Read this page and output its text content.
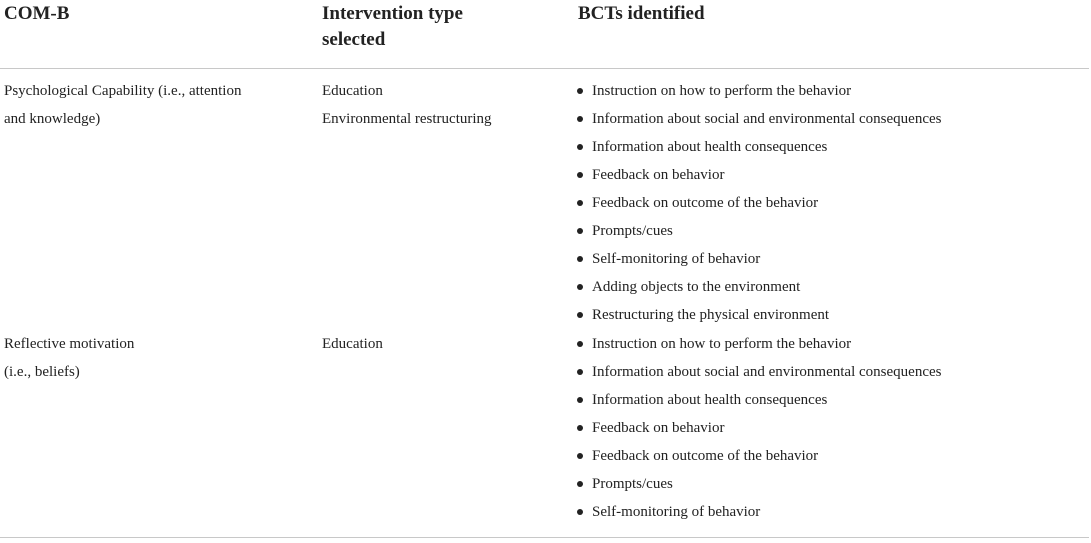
COM-B	Intervention type
selected
BCTs identified
Psychological Capability (i.e., attention
and knowledge)
Education
Environmental restructuring
Instruction on how to perform the behavior
Information about social and environmental consequences
Information about health consequences
Feedback on behavior
Feedback on outcome of the behavior
Prompts/cues
Self-monitoring of behavior
Adding objects to the environment
Restructuring the physical environment
Reflective motivation
(i.e., beliefs)
Education	Instruction on how to perform the behavior
Information about social and environmental consequences
Information about health consequences
Feedback on behavior
Feedback on outcome of the behavior
Prompts/cues
Self-monitoring of behavior
